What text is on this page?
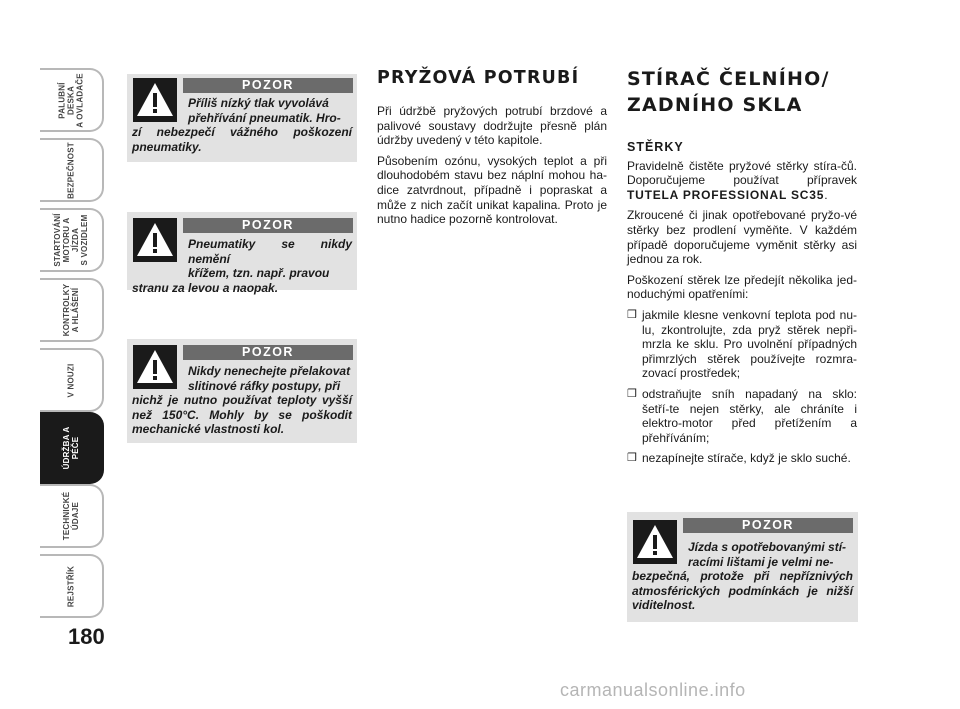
PALUBNÍ DESKA
A OVLADAČE
BEZPEČNOST
STARTOVÁNÍ
MOTORU A JÍZDA
S VOZIDLEM
KONTROLKY
A HLÁŠENÍ
V NOUZI
ÚDRŽBA A PÉČE
TECHNICKÉ ÚDAJE
REJSTŘÍK
180
POZOR
Příliš nízký tlak vyvolává
přehřívání pneumatik. Hro-
zí nebezpečí vážného poškození pneumatiky.
POZOR
Pneumatiky se nikdy nemění
křížem, tzn. např. pravou
stranu za levou a naopak.
POZOR
Nikdy nenechejte přelakovat
slitinové ráfky postupy, při
nichž je nutno používat teploty vyšší než 150°C. Mohly by se poškodit mechanické vlastnosti kol.
POZOR
Jízda s opotřebovanými stí-
racími lištami je velmi ne-
bezpečná, protože při nepříznivých atmosférických podmínkách je nižší viditelnost.
PRYŽOVÁ POTRUBÍ

Při údržbě pryžových potrubí brzdové a palivové soustavy dodržujte přesně plán údržby uvedený v této kapitole.

Působením ozónu, vysokých teplot a při dlouhodobém stavu bez náplní mohou ha-dice zatvrdnout, případně i popraskat a může z nich začít unikat kapalina. Proto je nutno hadice pozorně kontrolovat.

STÍRAČ ČELNÍHO/
ZADNÍHO SKLA
STĚRKY

Pravidelně čistěte pryžové stěrky stíra-čů. Doporučujeme používat přípravek TUTELA PROFESSIONAL SC35.

Zkroucené či jinak opotřebované pryžo-vé stěrky bez prodlení vyměňte. V každém případě doporučujeme vyměnit stěrky asi jednou za rok.

Poškození stěrek lze předejít několika jed-noduchými opatřeními:

❒ jakmile klesne venkovní teplota pod nu-lu, zkontrolujte, zda pryž stěrek nepři-mrzla ke sklu. Pro uvolnění případných přimrzlých stěrek používejte rozmra-zovací prostředek;
❒ odstraňujte sníh napadaný na sklo: šetří-te nejen stěrky, ale chráníte i elektro-motor před přetížením a přehříváním;
❒ nezapínejte stírače, když je sklo suché.
carmanualsonline.info
